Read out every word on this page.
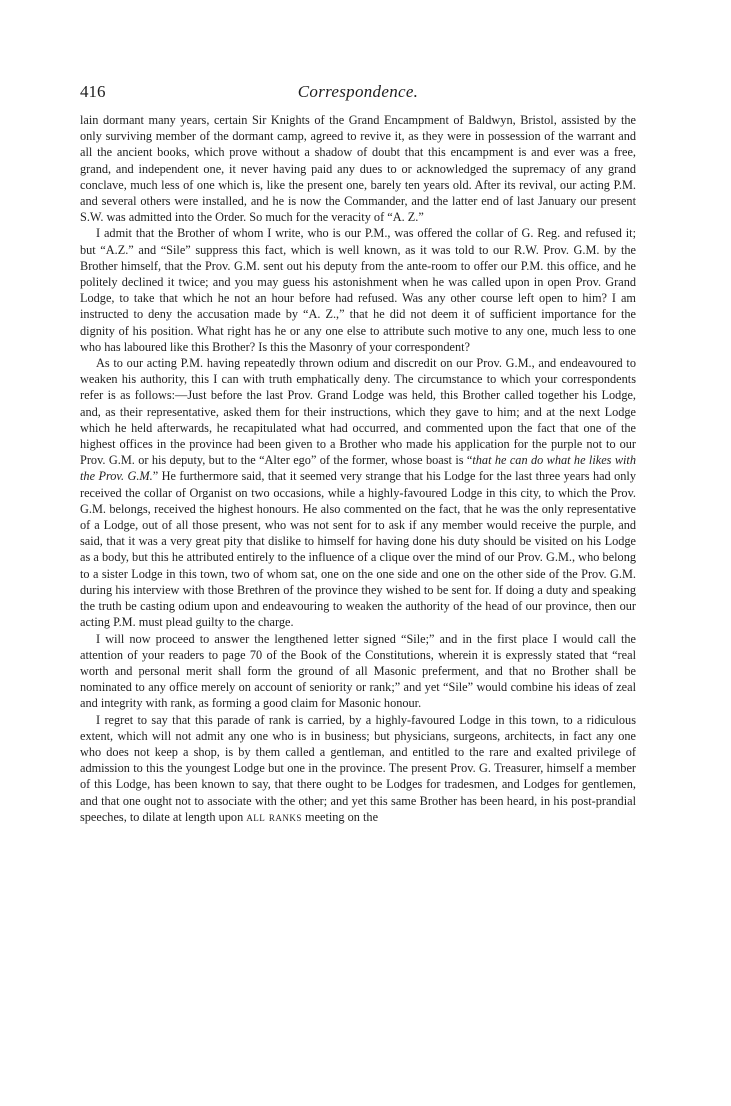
416	Correspondence.

lain dormant many years, certain Sir Knights of the Grand Encampment of Baldwyn, Bristol, assisted by the only surviving member of the dormant camp, agreed to revive it, as they were in possession of the warrant and all the ancient books, which prove without a shadow of doubt that this encampment is and ever was a free, grand, and independent one, it never having paid any dues to or acknowledged the supremacy of any grand conclave, much less of one which is, like the present one, barely ten years old. After its revival, our acting P.M. and several others were installed, and he is now the Commander, and the latter end of last January our present S.W. was admitted into the Order. So much for the veracity of “A. Z.”

I admit that the Brother of whom I write, who is our P.M., was offered the collar of G. Reg. and refused it; but “A.Z.” and “Sile” suppress this fact, which is well known, as it was told to our R.W. Prov. G.M. by the Brother himself, that the Prov. G.M. sent out his deputy from the ante-room to offer our P.M. this office, and he politely declined it twice; and you may guess his astonishment when he was called upon in open Prov. Grand Lodge, to take that which he not an hour before had refused. Was any other course left open to him? I am instructed to deny the accusation made by “A. Z.,” that he did not deem it of sufficient importance for the dignity of his position. What right has he or any one else to attribute such motive to any one, much less to one who has laboured like this Brother? Is this the Masonry of your correspondent?

As to our acting P.M. having repeatedly thrown odium and discredit on our Prov. G.M., and endeavoured to weaken his authority, this I can with truth emphatically deny. The circumstance to which your correspondents refer is as follows:—Just before the last Prov. Grand Lodge was held, this Brother called together his Lodge, and, as their representative, asked them for their instructions, which they gave to him; and at the next Lodge which he held afterwards, he recapitulated what had occurred, and commented upon the fact that one of the highest offices in the province had been given to a Brother who made his application for the purple not to our Prov. G.M. or his deputy, but to the “Alter ego” of the former, whose boast is “that he can do what he likes with the Prov. G.M.” He furthermore said, that it seemed very strange that his Lodge for the last three years had only received the collar of Organist on two occasions, while a highly-favoured Lodge in this city, to which the Prov. G.M. belongs, received the highest honours. He also commented on the fact, that he was the only representative of a Lodge, out of all those present, who was not sent for to ask if any member would receive the purple, and said, that it was a very great pity that dislike to himself for having done his duty should be visited on his Lodge as a body, but this he attributed entirely to the influence of a clique over the mind of our Prov. G.M., who belong to a sister Lodge in this town, two of whom sat, one on the one side and one on the other side of the Prov. G.M. during his interview with those Brethren of the province they wished to be sent for. If doing a duty and speaking the truth be casting odium upon and endeavouring to weaken the authority of the head of our province, then our acting P.M. must plead guilty to the charge.

I will now proceed to answer the lengthened letter signed “Sile;” and in the first place I would call the attention of your readers to page 70 of the Book of the Constitutions, wherein it is expressly stated that “real worth and personal merit shall form the ground of all Masonic preferment, and that no Brother shall be nominated to any office merely on account of seniority or rank;” and yet “Sile” would combine his ideas of zeal and integrity with rank, as forming a good claim for Masonic honour.

I regret to say that this parade of rank is carried, by a highly-favoured Lodge in this town, to a ridiculous extent, which will not admit any one who is in business; but physicians, surgeons, architects, in fact any one who does not keep a shop, is by them called a gentleman, and entitled to the rare and exalted privilege of admission to this the youngest Lodge but one in the province. The present Prov. G. Treasurer, himself a member of this Lodge, has been known to say, that there ought to be Lodges for tradesmen, and Lodges for gentlemen, and that one ought not to associate with the other; and yet this same Brother has been heard, in his post-prandial speeches, to dilate at length upon all ranks meeting on the
